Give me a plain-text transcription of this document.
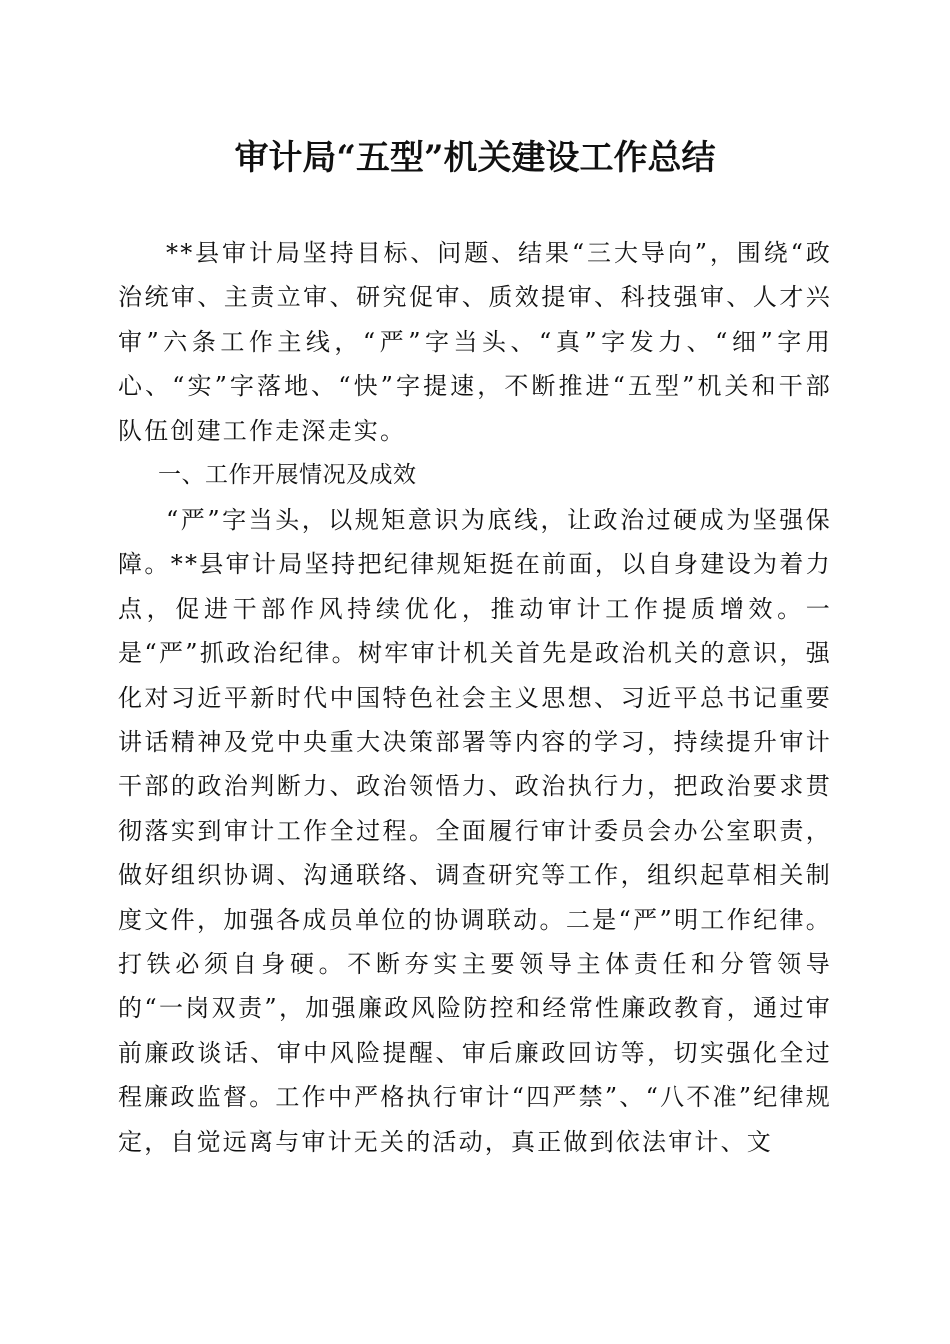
审计局“五型”机关建设工作总结

**县审计局坚持目标、问题、结果“三大导向”，围绕“政治统审、主责立审、研究促审、质效提审、科技强审、人才兴审”六条工作主线，“严”字当头、“真”字发力、“细”字用心、“实”字落地、“快”字提速，不断推进“五型”机关和干部队伍创建工作走深走实。

一、工作开展情况及成效

“严”字当头，以规矩意识为底线，让政治过硬成为坚强保障。**县审计局坚持把纪律规矩挺在前面，以自身建设为着力点，促进干部作风持续优化，推动审计工作提质增效。一是“严”抓政治纪律。树牢审计机关首先是政治机关的意识，强化对习近平新时代中国特色社会主义思想、习近平总书记重要讲话精神及党中央重大决策部署等内容的学习，持续提升审计干部的政治判断力、政治领悟力、政治执行力，把政治要求贯彻落实到审计工作全过程。全面履行审计委员会办公室职责，做好组织协调、沟通联络、调查研究等工作，组织起草相关制度文件，加强各成员单位的协调联动。二是“严”明工作纪律。打铁必须自身硬。不断夯实主要领导主体责任和分管领导的“一岗双责”，加强廉政风险防控和经常性廉政教育，通过审前廉政谈话、审中风险提醒、审后廉政回访等，切实强化全过程廉政监督。工作中严格执行审计“四严禁”、“八不准”纪律规定，自觉远离与审计无关的活动，真正做到依法审计、文
